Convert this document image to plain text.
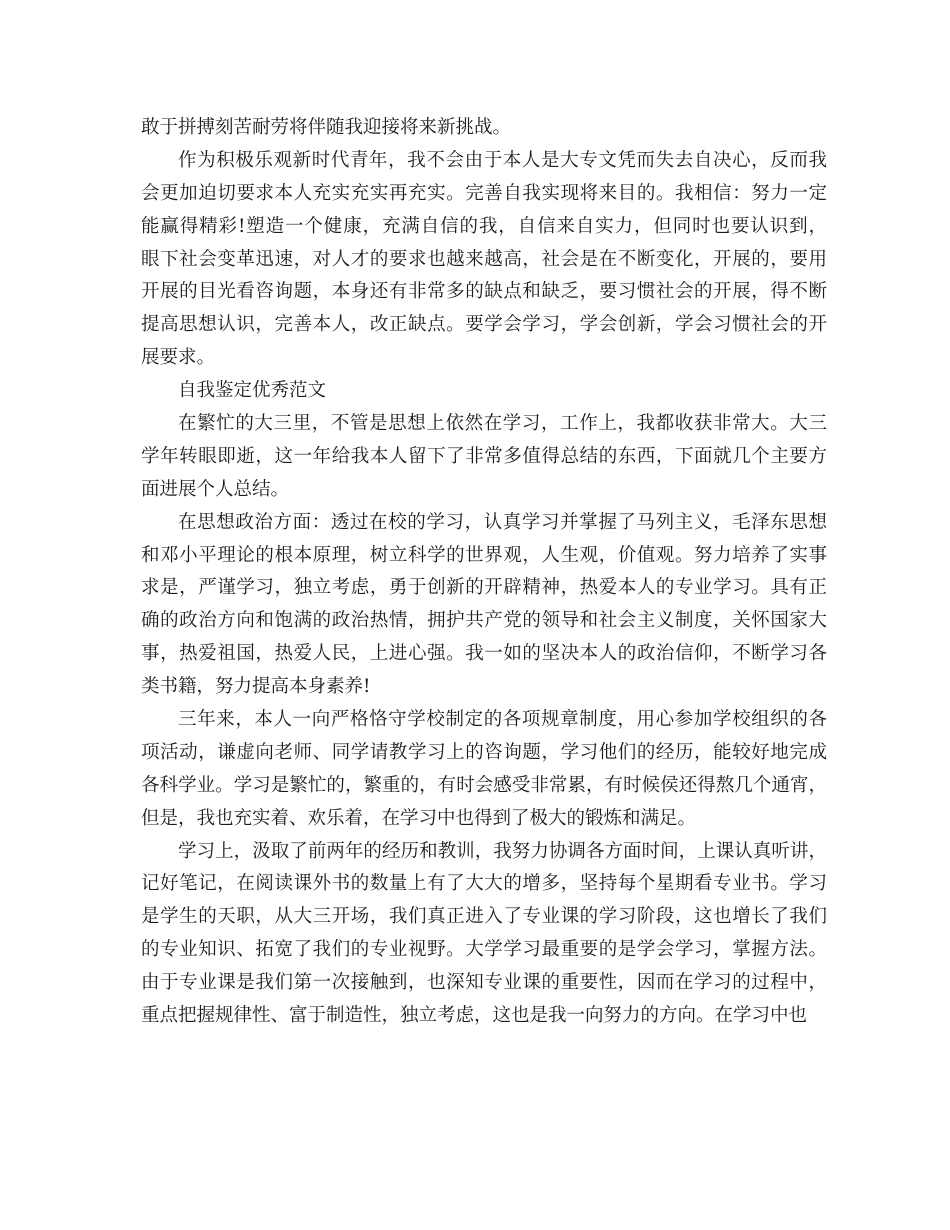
敢于拼搏刻苦耐劳将伴随我迎接将来新挑战。
作为积极乐观新时代青年，我不会由于本人是大专文凭而失去自决心，反而我
会更加迫切要求本人充实充实再充实。完善自我实现将来目的。我相信：努力一定
能赢得精彩!塑造一个健康，充满自信的我，自信来自实力，但同时也要认识到，
眼下社会变革迅速，对人才的要求也越来越高，社会是在不断变化，开展的，要用
开展的目光看咨询题，本身还有非常多的缺点和缺乏，要习惯社会的开展，得不断
提高思想认识，完善本人，改正缺点。要学会学习，学会创新，学会习惯社会的开
展要求。
自我鉴定优秀范文
在繁忙的大三里，不管是思想上依然在学习，工作上，我都收获非常大。大三
学年转眼即逝，这一年给我本人留下了非常多值得总结的东西，下面就几个主要方
面进展个人总结。
在思想政治方面：透过在校的学习，认真学习并掌握了马列主义，毛泽东思想
和邓小平理论的根本原理，树立科学的世界观，人生观，价值观。努力培养了实事
求是，严谨学习，独立考虑，勇于创新的开辟精神，热爱本人的专业学习。具有正
确的政治方向和饱满的政治热情，拥护共产党的领导和社会主义制度，关怀国家大
事，热爱祖国，热爱人民，上进心强。我一如的坚决本人的政治信仰，不断学习各
类书籍，努力提高本身素养!
三年来，本人一向严格恪守学校制定的各项规章制度，用心参加学校组织的各
项活动，谦虚向老师、同学请教学习上的咨询题，学习他们的经历，能较好地完成
各科学业。学习是繁忙的，繁重的，有时会感受非常累，有时候侯还得熬几个通宵，
但是，我也充实着、欢乐着，在学习中也得到了极大的锻炼和满足。
学习上，汲取了前两年的经历和教训，我努力协调各方面时间，上课认真听讲，
记好笔记，在阅读课外书的数量上有了大大的增多，坚持每个星期看专业书。学习
是学生的天职，从大三开场，我们真正进入了专业课的学习阶段，这也增长了我们
的专业知识、拓宽了我们的专业视野。大学学习最重要的是学会学习，掌握方法。
由于专业课是我们第一次接触到，也深知专业课的重要性，因而在学习的过程中，
重点把握规律性、富于制造性，独立考虑，这也是我一向努力的方向。在学习中也
